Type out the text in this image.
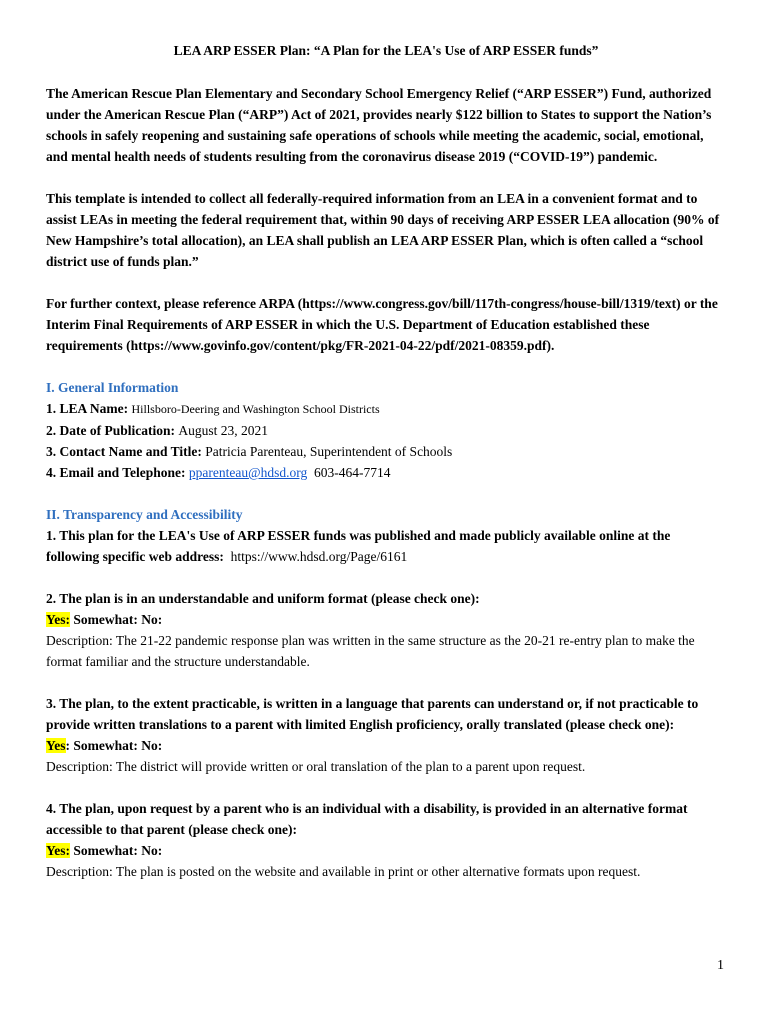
LEA ARP ESSER Plan: “A Plan for the LEA's Use of ARP ESSER funds”

The American Rescue Plan Elementary and Secondary School Emergency Relief (“ARP ESSER”) Fund, authorized under the American Rescue Plan (“ARP”) Act of 2021, provides nearly $122 billion to States to support the Nation’s schools in safely reopening and sustaining safe operations of schools while meeting the academic, social, emotional, and mental health needs of students resulting from the coronavirus disease 2019 (“COVID-19”) pandemic.

This template is intended to collect all federally-required information from an LEA in a convenient format and to assist LEAs in meeting the federal requirement that, within 90 days of receiving ARP ESSER LEA allocation (90% of New Hampshire’s total allocation), an LEA shall publish an LEA ARP ESSER Plan, which is often called a “school district use of funds plan.”

For further context, please reference ARPA (https://www.congress.gov/bill/117th-congress/house-bill/1319/text) or the Interim Final Requirements of ARP ESSER in which the U.S. Department of Education established these requirements (https://www.govinfo.gov/content/pkg/FR-2021-04-22/pdf/2021-08359.pdf).

I. General Information

1. LEA Name: Hillsboro-Deering and Washington School Districts

2. Date of Publication: August 23, 2021

3. Contact Name and Title: Patricia Parenteau, Superintendent of Schools

4. Email and Telephone: pparenteau@hdsd.org 603-464-7714

II. Transparency and Accessibility

1. This plan for the LEA's Use of ARP ESSER funds was published and made publicly available online at the following specific web address: https://www.hdsd.org/Page/6161

2. The plan is in an understandable and uniform format (please check one):

Yes: Somewhat: No:

Description: The 21-22 pandemic response plan was written in the same structure as the 20-21 re-entry plan to make the format familiar and the structure understandable.

3. The plan, to the extent practicable, is written in a language that parents can understand or, if not practicable to provide written translations to a parent with limited English proficiency, orally translated (please check one):

Yes: Somewhat: No:

Description: The district will provide written or oral translation of the plan to a parent upon request.

4. The plan, upon request by a parent who is an individual with a disability, is provided in an alternative format accessible to that parent (please check one):

Yes: Somewhat: No:

Description: The plan is posted on the website and available in print or other alternative formats upon request.

1
